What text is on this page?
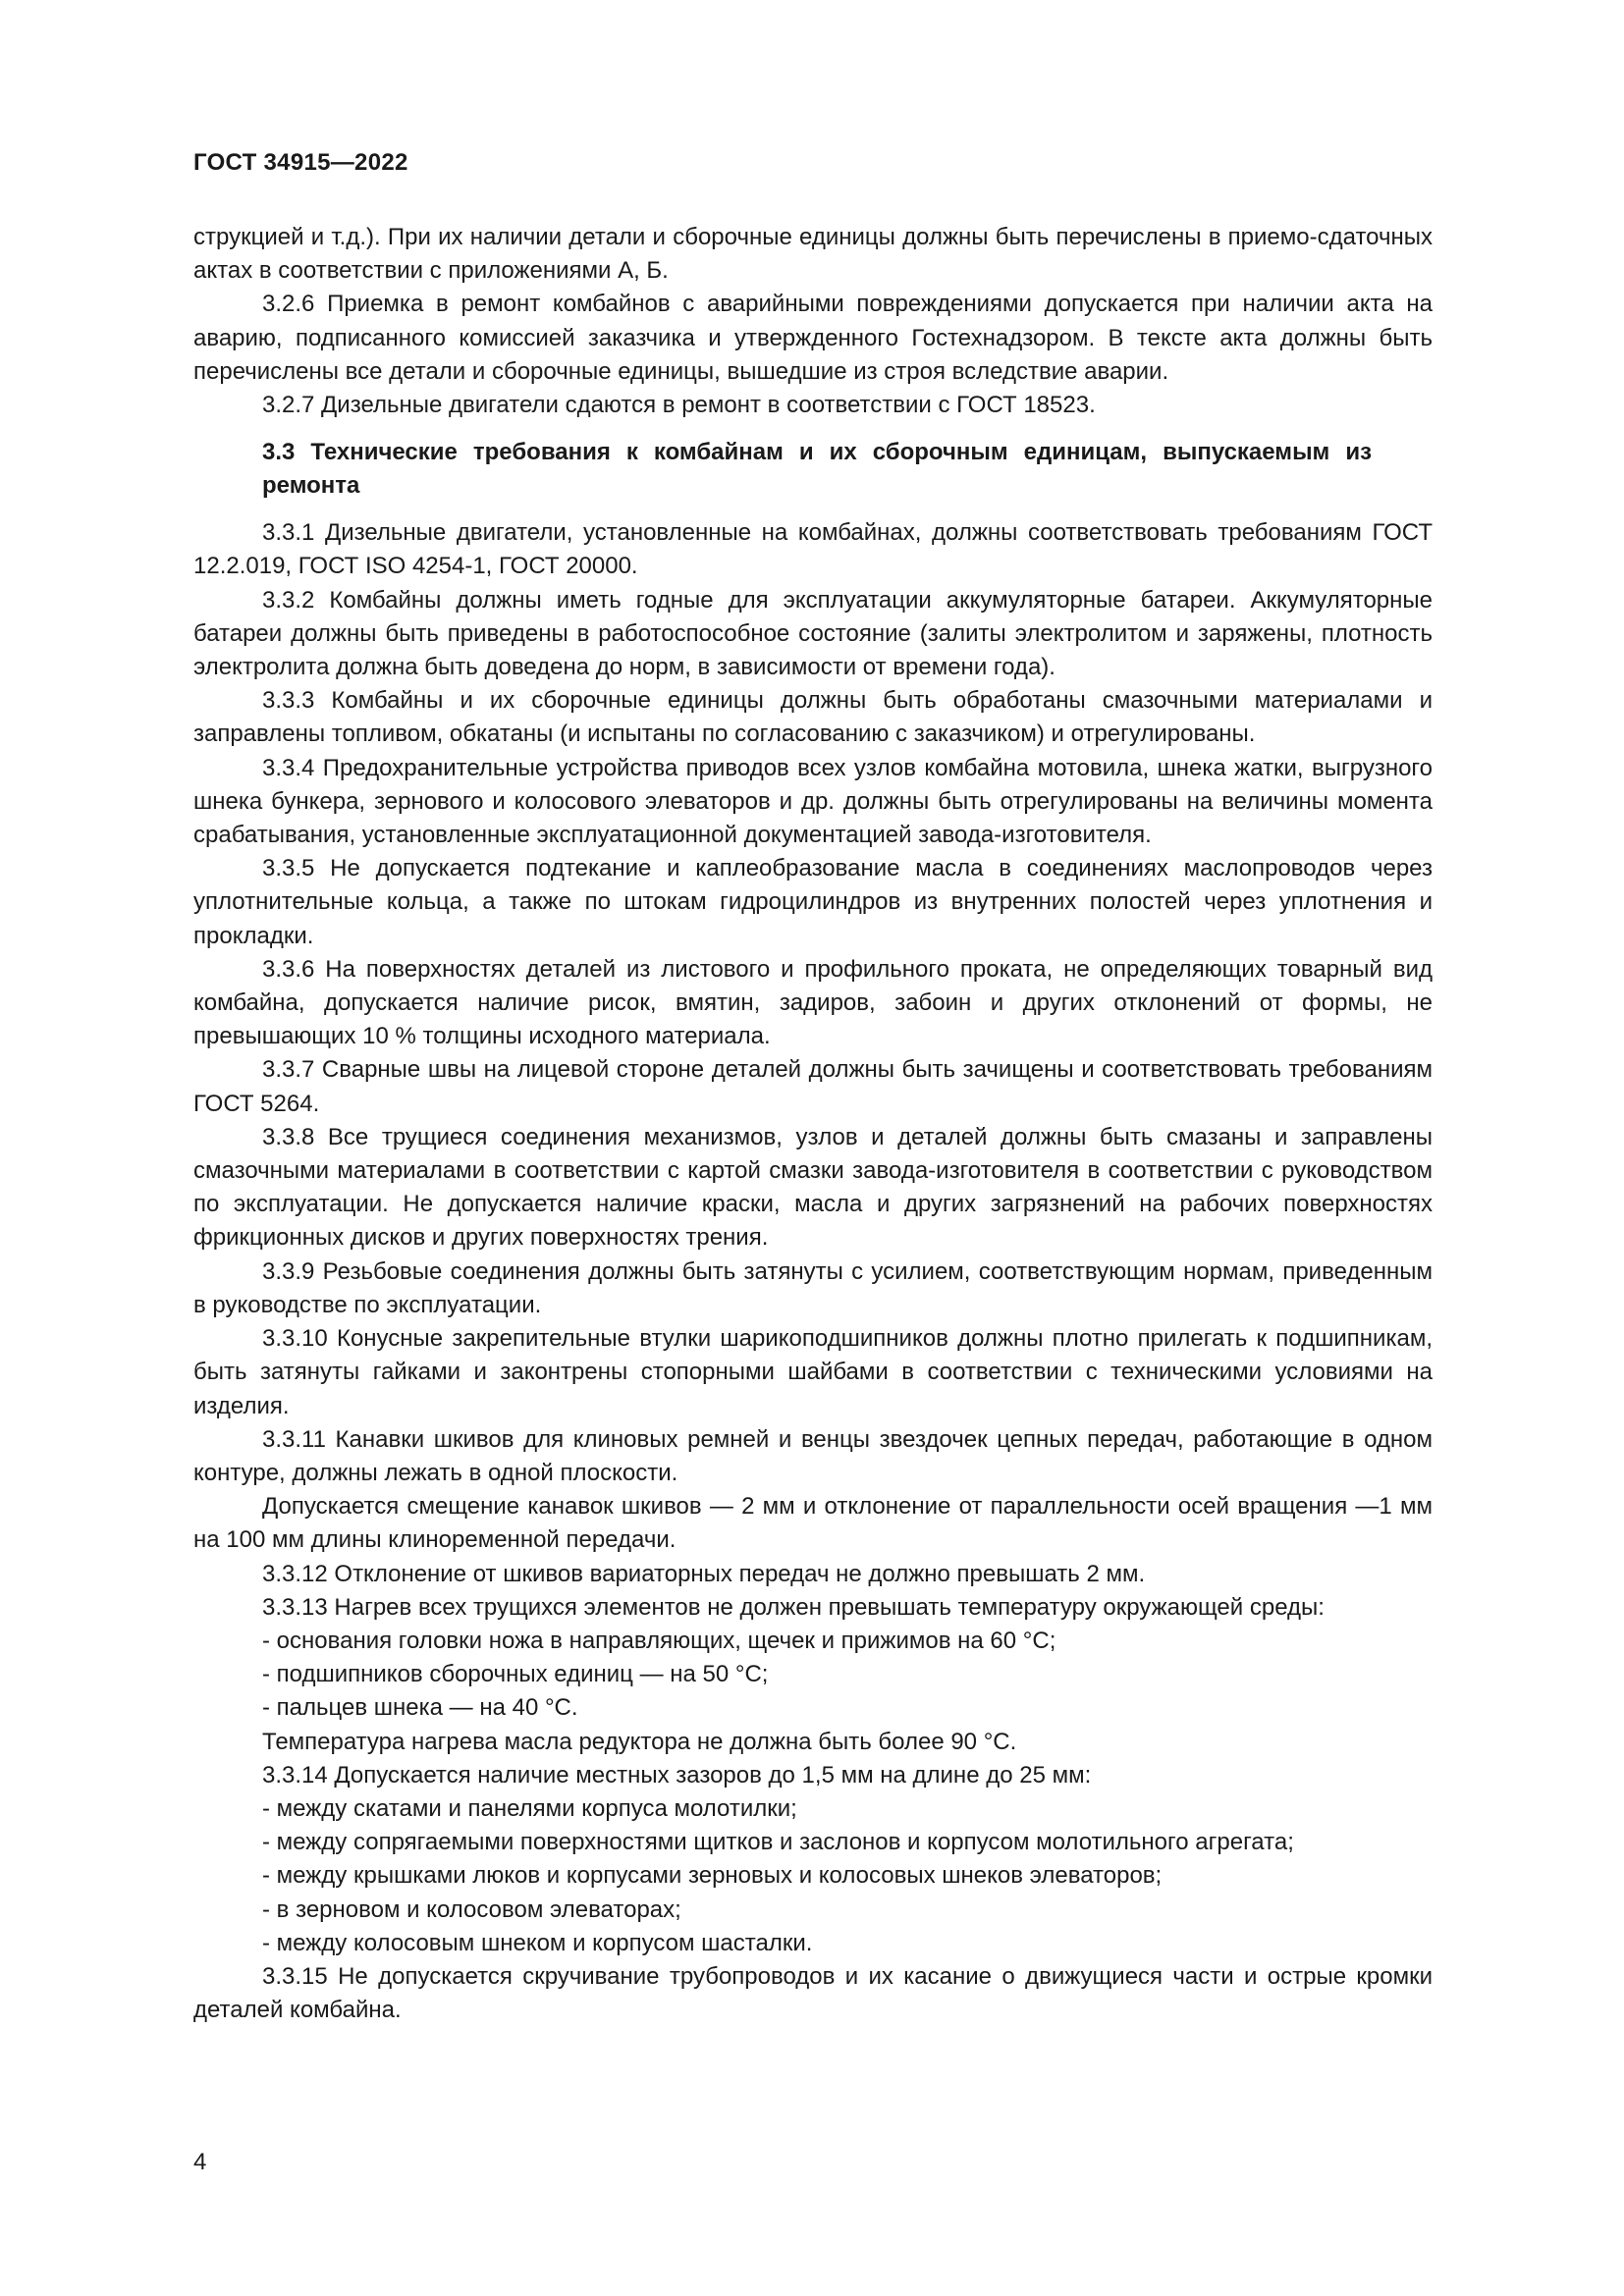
ГОСТ 34915—2022

струкцией и т.д.). При их наличии детали и сборочные единицы должны быть перечислены в приемо-сдаточных актах в соответствии с приложениями А, Б.

3.2.6 Приемка в ремонт комбайнов с аварийными повреждениями допускается при наличии акта на аварию, подписанного комиссией заказчика и утвержденного Гостехнадзором. В тексте акта должны быть перечислены все детали и сборочные единицы, вышедшие из строя вследствие аварии.

3.2.7 Дизельные двигатели сдаются в ремонт в соответствии с ГОСТ 18523.

3.3 Технические требования к комбайнам и их сборочным единицам, выпускаемым из ремонта

3.3.1 Дизельные двигатели, установленные на комбайнах, должны соответствовать требованиям ГОСТ 12.2.019, ГОСТ ISO 4254-1, ГОСТ 20000.

3.3.2 Комбайны должны иметь годные для эксплуатации аккумуляторные батареи. Аккумуляторные батареи должны быть приведены в работоспособное состояние (залиты электролитом и заряжены, плотность электролита должна быть доведена до норм, в зависимости от времени года).

3.3.3 Комбайны и их сборочные единицы должны быть обработаны смазочными материалами и заправлены топливом, обкатаны (и испытаны по согласованию с заказчиком) и отрегулированы.

3.3.4 Предохранительные устройства приводов всех узлов комбайна мотовила, шнека жатки, выгрузного шнека бункера, зернового и колосового элеваторов и др. должны быть отрегулированы на величины момента срабатывания, установленные эксплуатационной документацией завода-изготовителя.

3.3.5 Не допускается подтекание и каплеобразование масла в соединениях маслопроводов через уплотнительные кольца, а также по штокам гидроцилиндров из внутренних полостей через уплотнения и прокладки.

3.3.6 На поверхностях деталей из листового и профильного проката, не определяющих товарный вид комбайна, допускается наличие рисок, вмятин, задиров, забоин и других отклонений от формы, не превышающих 10 % толщины исходного материала.

3.3.7 Сварные швы на лицевой стороне деталей должны быть зачищены и соответствовать требованиям ГОСТ 5264.

3.3.8 Все трущиеся соединения механизмов, узлов и деталей должны быть смазаны и заправлены смазочными материалами в соответствии с картой смазки завода-изготовителя в соответствии с руководством по эксплуатации. Не допускается наличие краски, масла и других загрязнений на рабочих поверхностях фрикционных дисков и других поверхностях трения.

3.3.9 Резьбовые соединения должны быть затянуты с усилием, соответствующим нормам, приведенным в руководстве по эксплуатации.

3.3.10 Конусные закрепительные втулки шарикоподшипников должны плотно прилегать к подшипникам, быть затянуты гайками и законтрены стопорными шайбами в соответствии с техническими условиями на изделия.

3.3.11 Канавки шкивов для клиновых ремней и венцы звездочек цепных передач, работающие в одном контуре, должны лежать в одной плоскости.

Допускается смещение канавок шкивов — 2 мм и отклонение от параллельности осей вращения —1 мм на 100 мм длины клиноременной передачи.

3.3.12 Отклонение от шкивов вариаторных передач не должно превышать 2 мм.

3.3.13 Нагрев всех трущихся элементов не должен превышать температуру окружающей среды:

- основания головки ножа в направляющих, щечек и прижимов на 60 °C;

- подшипников сборочных единиц — на 50 °C;

- пальцев шнека — на 40 °C.

Температура нагрева масла редуктора не должна быть более 90 °C.

3.3.14 Допускается наличие местных зазоров до 1,5 мм на длине до 25 мм:

- между скатами и панелями корпуса молотилки;

- между сопрягаемыми поверхностями щитков и заслонов и корпусом молотильного агрегата;

- между крышками люков и корпусами зерновых и колосовых шнеков элеваторов;

- в зерновом и колосовом элеваторах;

- между колосовым шнеком и корпусом шасталки.

3.3.15 Не допускается скручивание трубопроводов и их касание о движущиеся части и острые кромки деталей комбайна.

4
